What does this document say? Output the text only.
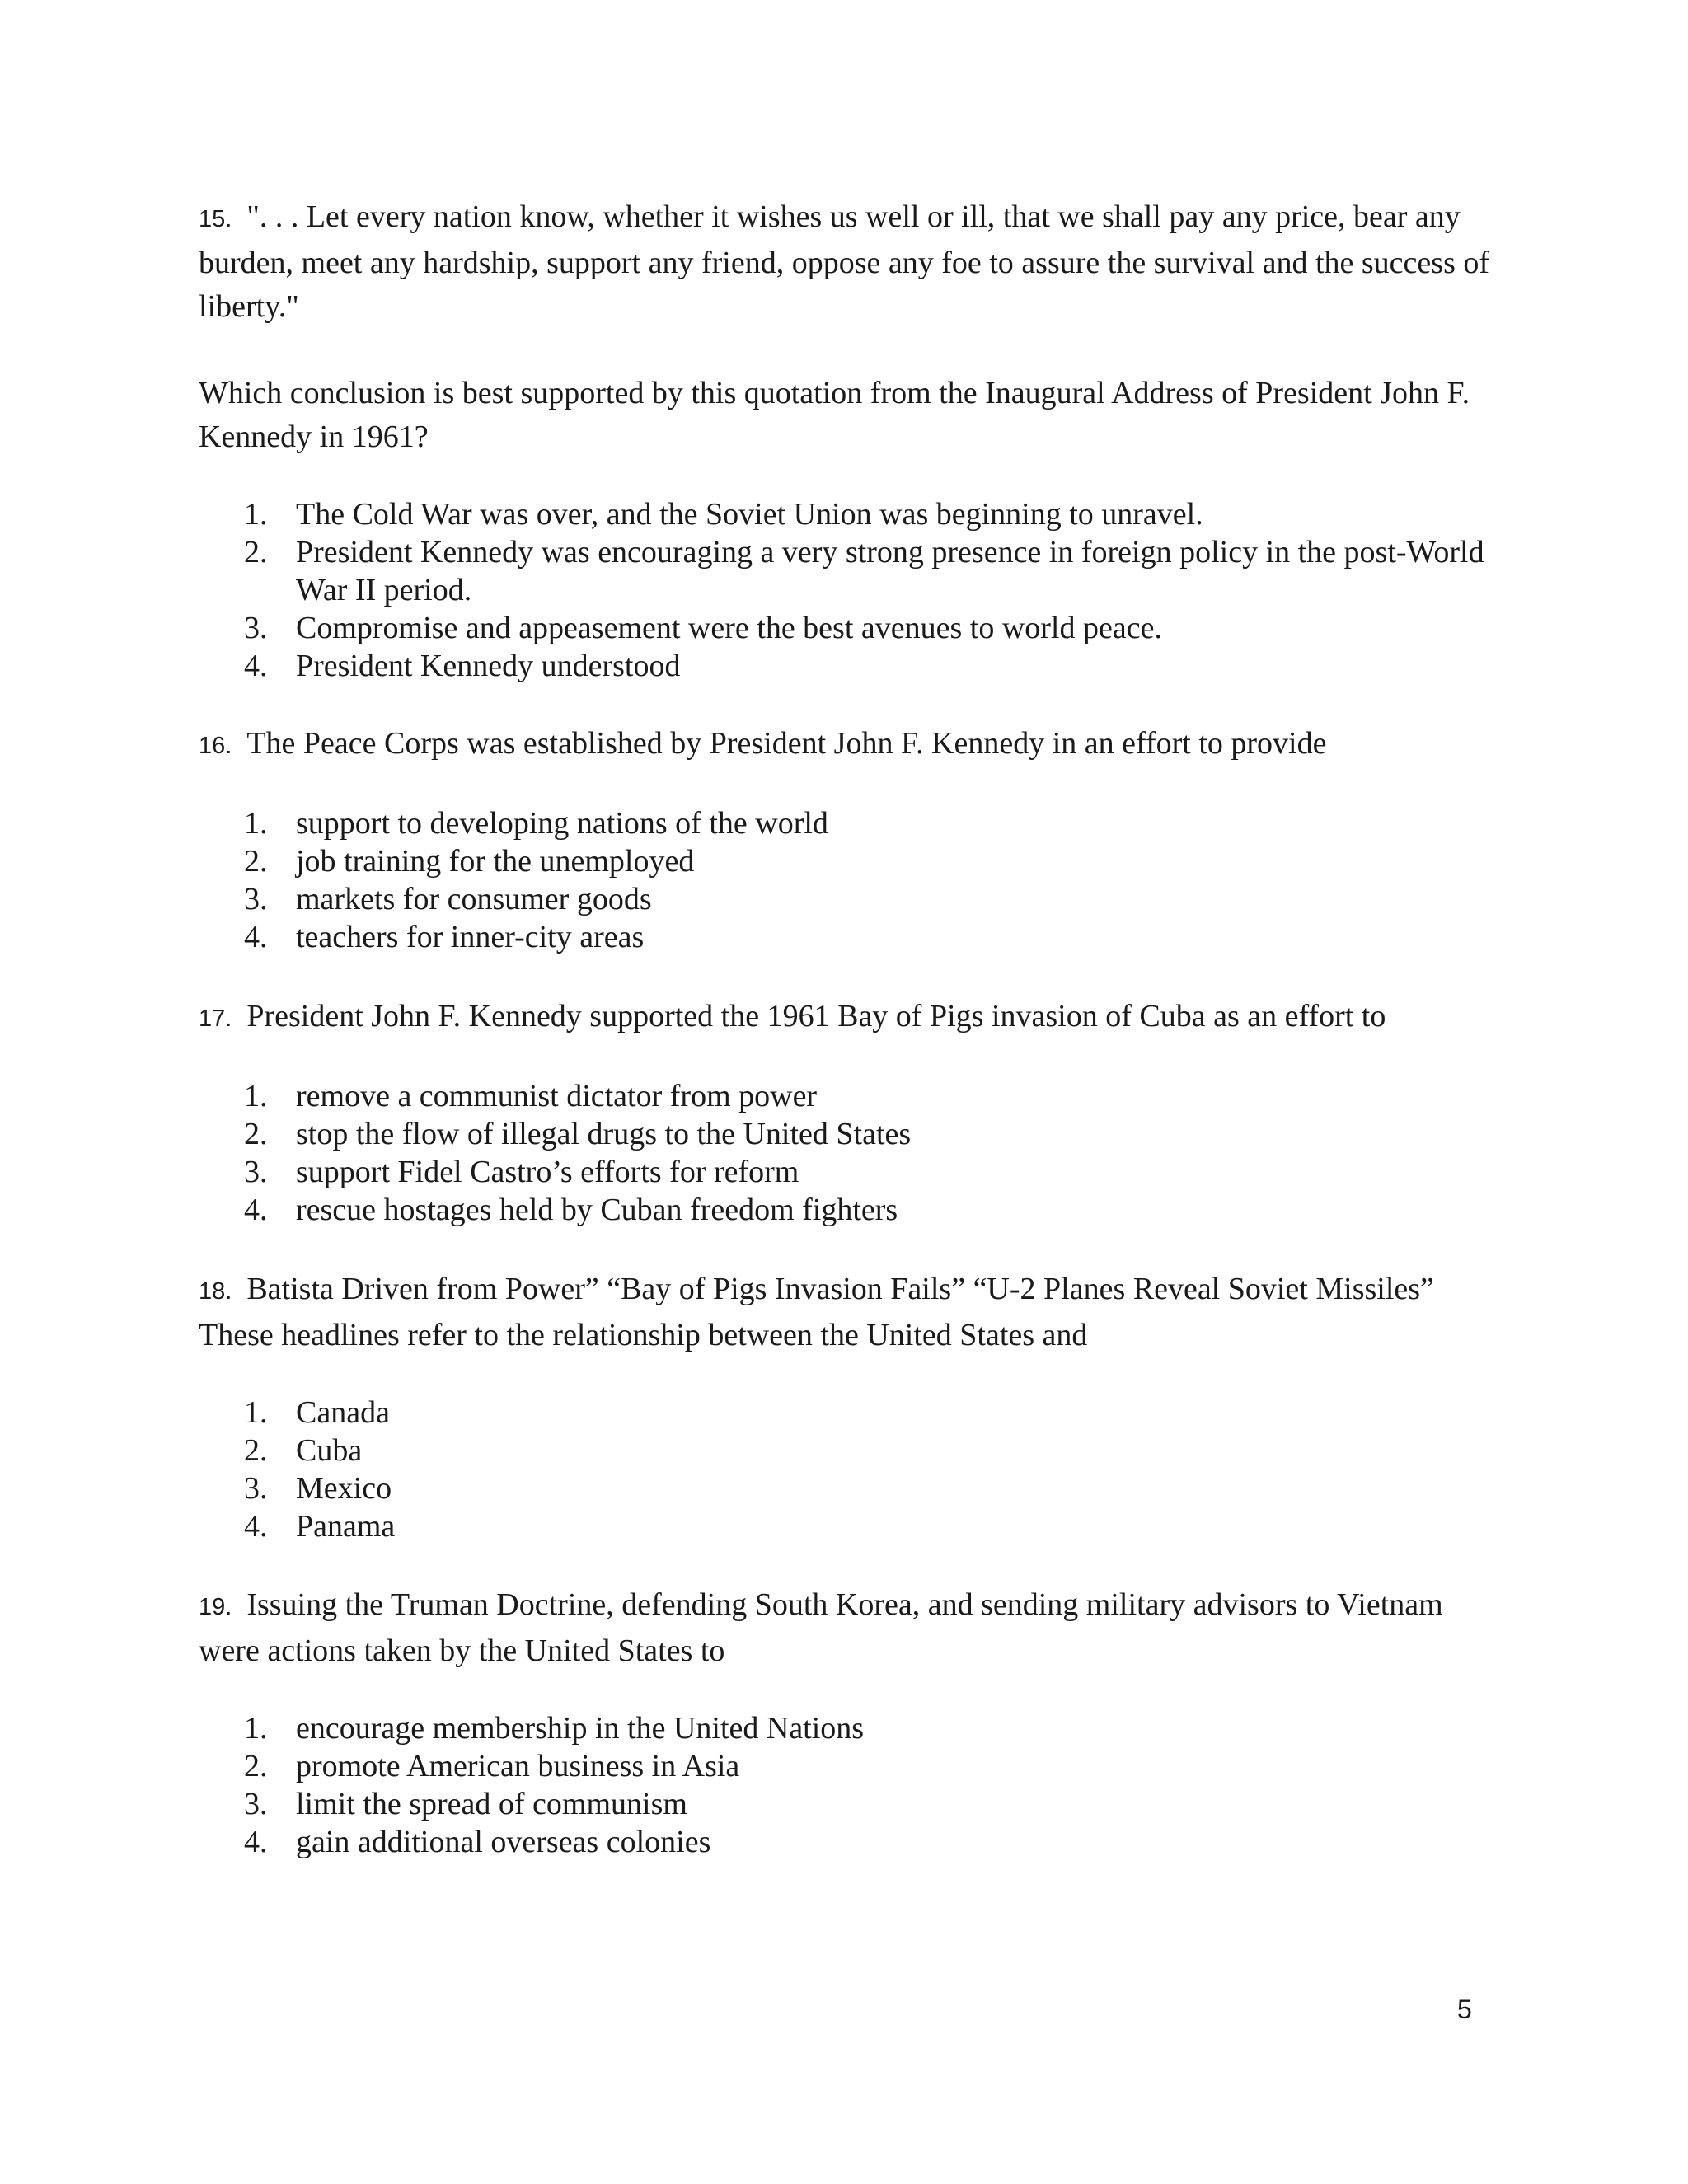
15. ". . . Let every nation know, whether it wishes us well or ill, that we shall pay any price, bear any burden, meet any hardship, support any friend, oppose any foe to assure the survival and the success of liberty."

Which conclusion is best supported by this quotation from the Inaugural Address of President John F. Kennedy in 1961?

1. The Cold War was over, and the Soviet Union was beginning to unravel.
2. President Kennedy was encouraging a very strong presence in foreign policy in the post-World War II period.
3. Compromise and appeasement were the best avenues to world peace.
4. President Kennedy understood

16. The Peace Corps was established by President John F. Kennedy in an effort to provide

1. support to developing nations of the world
2. job training for the unemployed
3. markets for consumer goods
4. teachers for inner-city areas

17. President John F. Kennedy supported the 1961 Bay of Pigs invasion of Cuba as an effort to

1. remove a communist dictator from power
2. stop the flow of illegal drugs to the United States
3. support Fidel Castro’s efforts for reform
4. rescue hostages held by Cuban freedom fighters

18. Batista Driven from Power” “Bay of Pigs Invasion Fails” “U-2 Planes Reveal Soviet Missiles” These headlines refer to the relationship between the United States and

1. Canada
2. Cuba
3. Mexico
4. Panama

19. Issuing the Truman Doctrine, defending South Korea, and sending military advisors to Vietnam were actions taken by the United States to

1. encourage membership in the United Nations
2. promote American business in Asia
3. limit the spread of communism
4. gain additional overseas colonies
5
